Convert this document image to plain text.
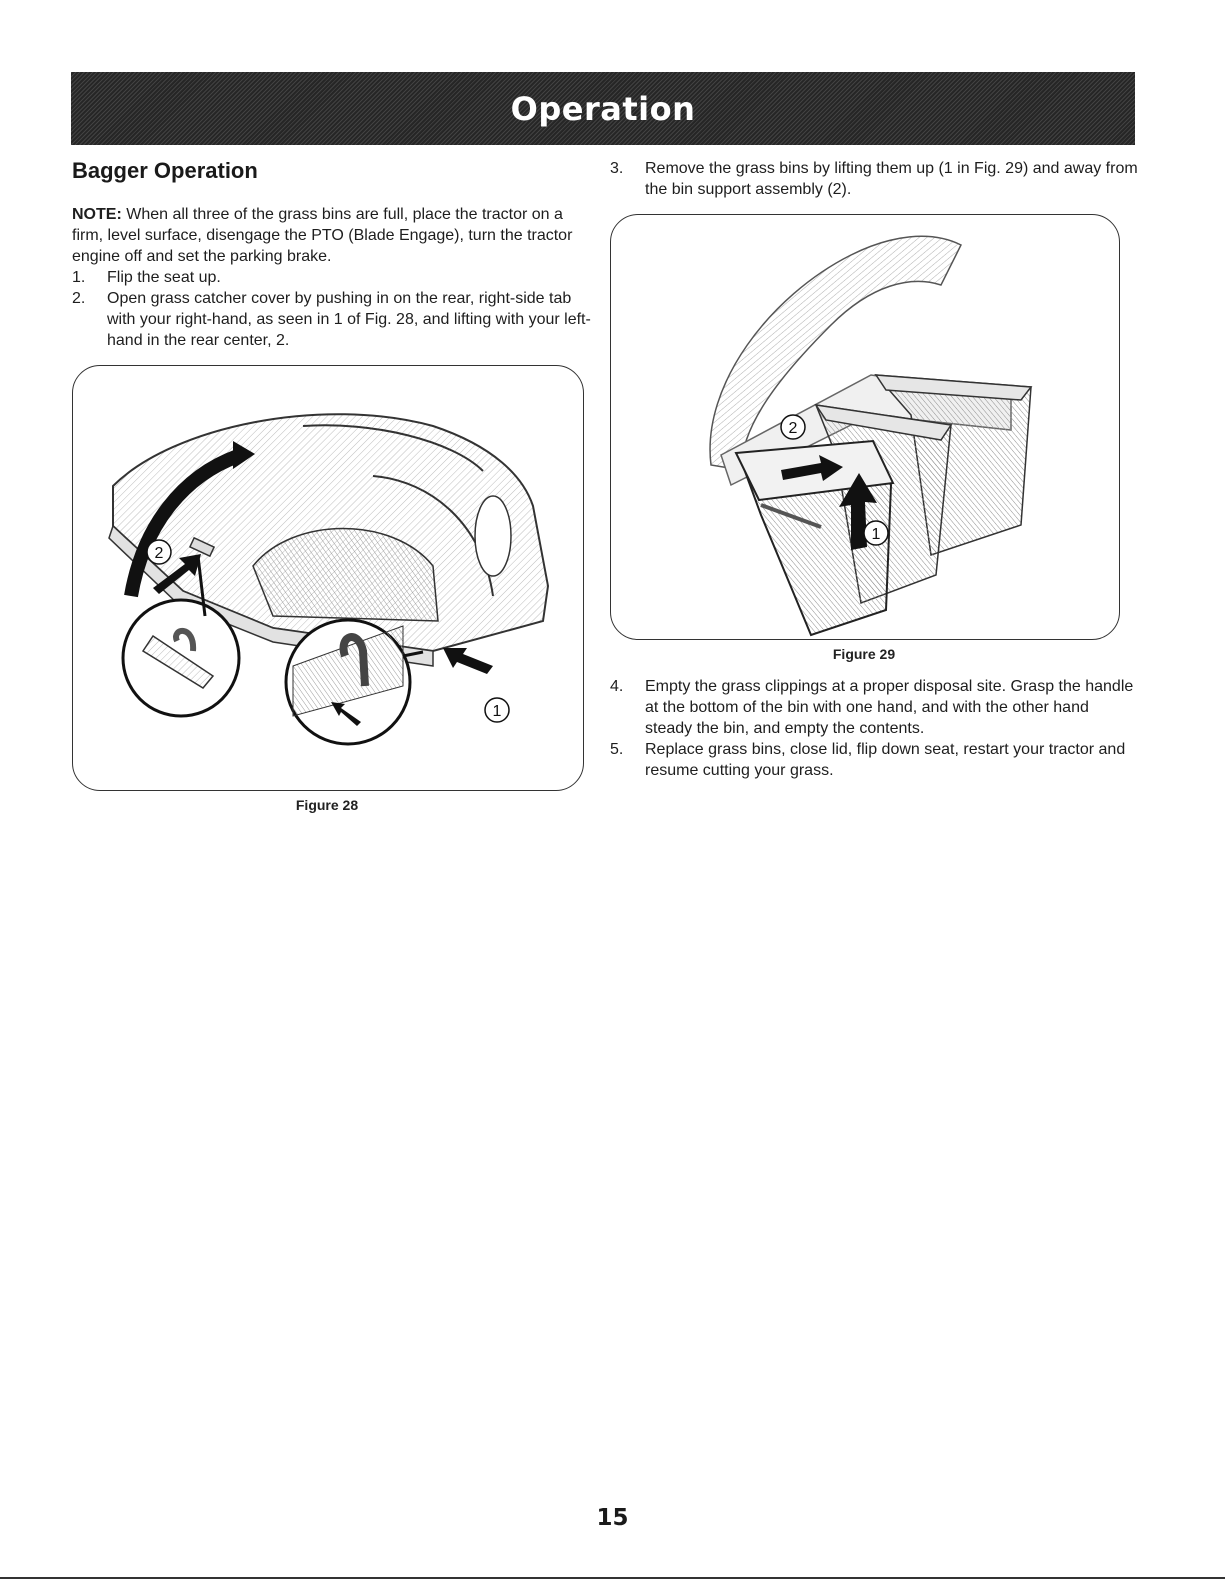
Operation
Bagger Operation

NOTE: When all three of the grass bins are full, place the tractor on a firm, level surface, disengage the PTO (Blade Engage), turn the tractor engine off and set the parking brake.

1. Flip the seat up.
2. Open grass catcher cover by pushing in on the rear, right-side tab with your right-hand, as seen in 1 of Fig. 28, and lifting with your left-hand in the rear center, 2.
2
1
Figure 28
3. Remove the grass bins by lifting them up (1 in Fig. 29) and away from the bin support assembly (2).
2
1
Figure 29
4. Empty the grass clippings at a proper disposal site. Grasp the handle at the bottom of the bin with one hand, and with the other hand steady the bin, and empty the contents.
5. Replace grass bins, close lid, flip down seat, restart your tractor and resume cutting your grass.
15
